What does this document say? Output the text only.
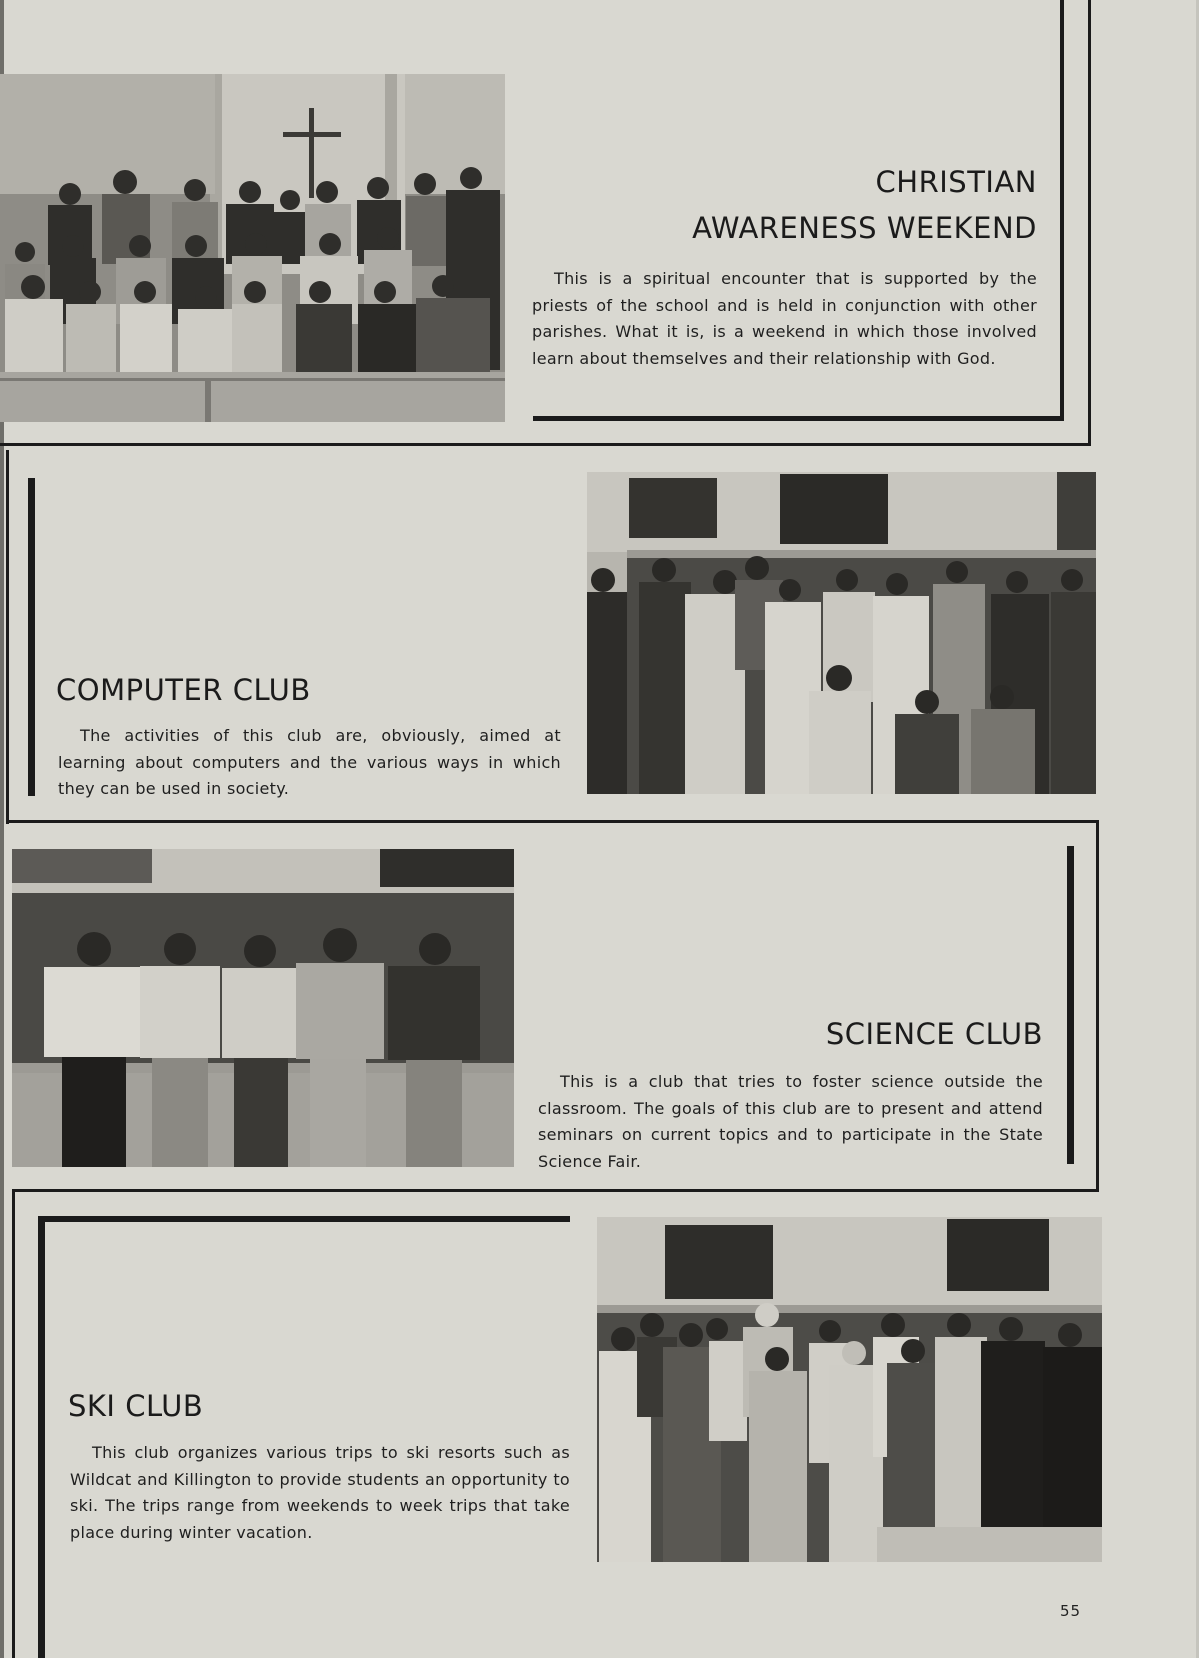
CHRISTIAN
AWARENESS WEEKEND

This is a spiritual encounter that is supported by the priests of the school and is held in conjunction with other parishes. What it is, is a weekend in which those involved learn about themselves and their relationship with God.

COMPUTER CLUB

The activities of this club are, obviously, aimed at learning about computers and the various ways in which they can be used in society.

SCIENCE CLUB

This is a club that tries to foster science outside the classroom. The goals of this club are to present and attend seminars on current topics and to participate in the State Science Fair.

SKI CLUB

This club organizes various trips to ski resorts such as Wildcat and Killington to provide students an opportunity to ski. The trips range from weekends to week trips that take place during winter vacation.

55
